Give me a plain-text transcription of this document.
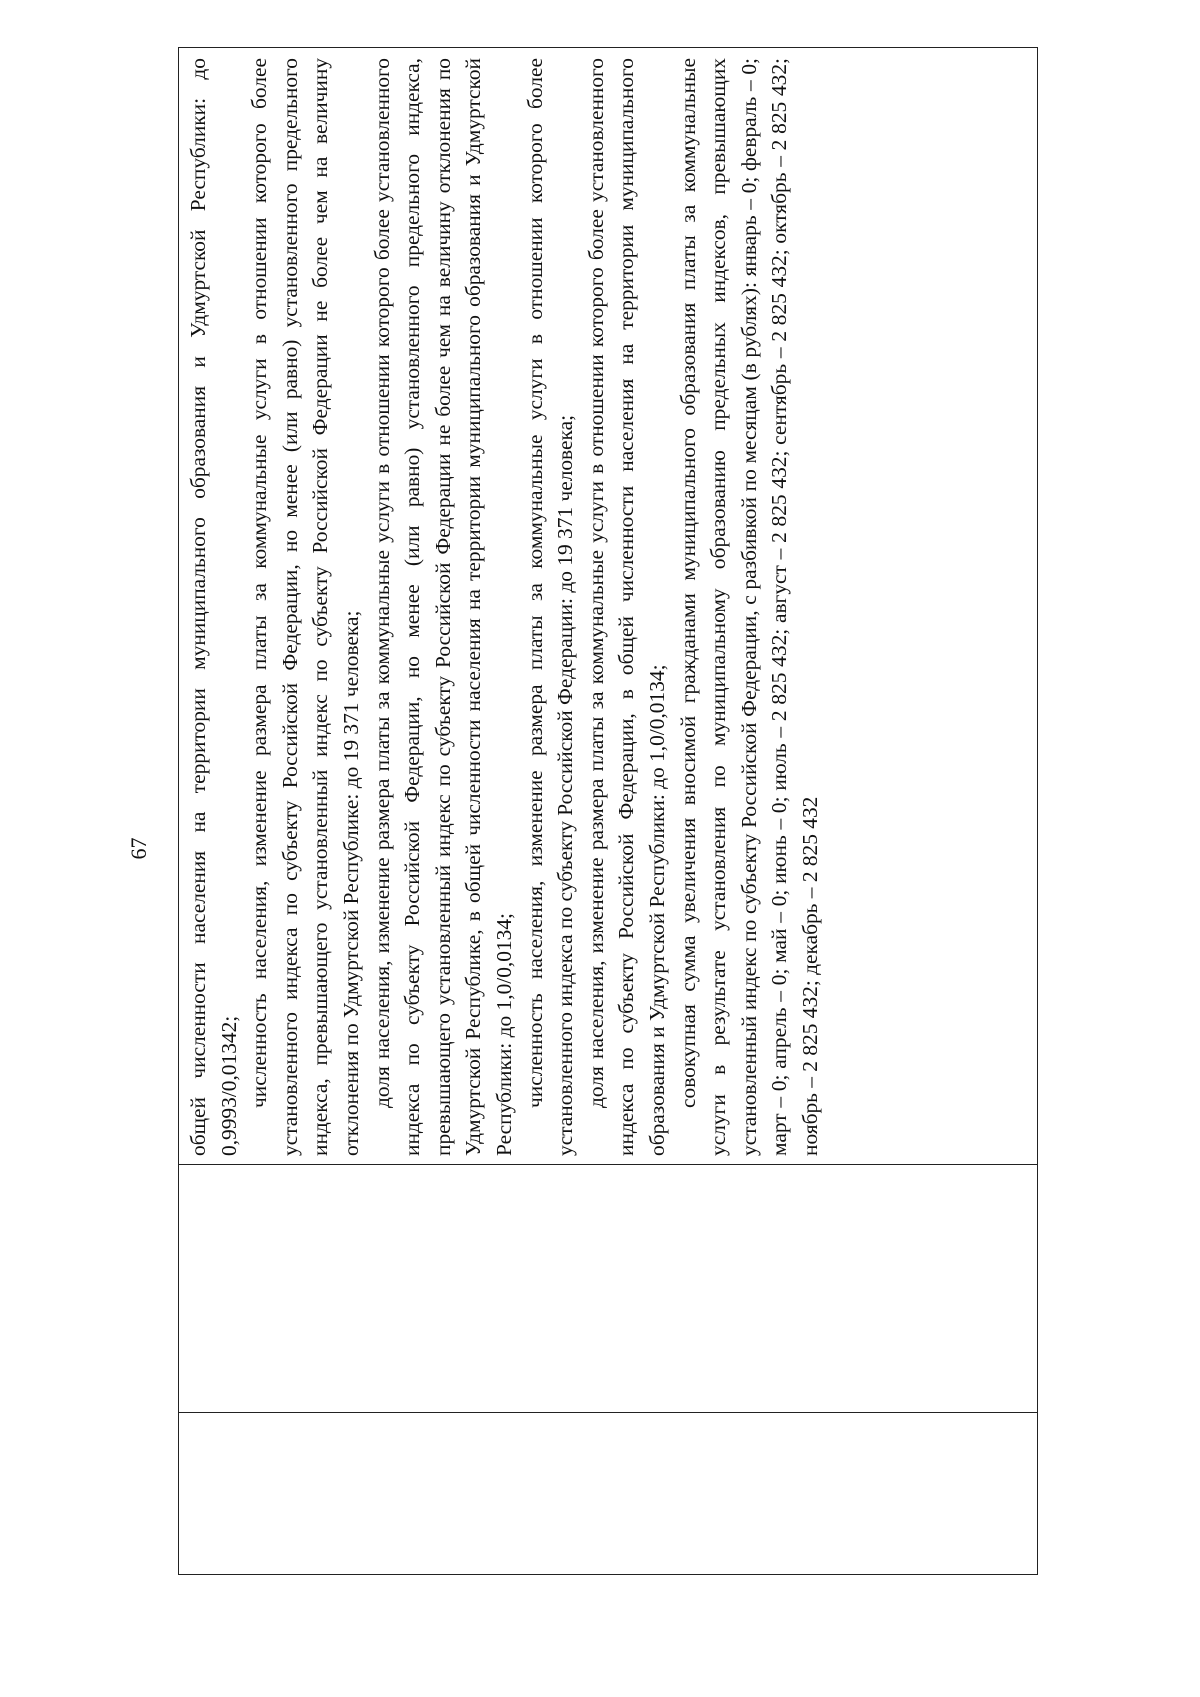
67 общей численности населения на территории муниципального образования и Удмуртской Республики: до 0,9993/0,01342; численность населения, изменение размера платы за коммунальные услуги в отношении которого более установленного индекса по субъекту Российской Федерации, но менее (или равно) установленного предельного индекса, превышающего установленный индекс по субъекту Российской Федерации не более чем на величину отклонения по Удмуртской Республике: до 19 371 человека; доля населения, изменение размера платы за коммунальные услуги в отношении которого более установленного индекса по субъекту Российской Федерации, но менее (или равно) установленного предельного индекса, превышающего установленный индекс по субъекту Российской Федерации не более чем на величину отклонения по Удмуртской Республике, в общей численности населения на территории муниципального образования и Удмуртской Республики: до 1,0/0,0134; численность населения, изменение размера платы за коммунальные услуги в отношении которого более установленного индекса по субъекту Российской Федерации: до 19 371 человека; доля населения, изменение размера платы за коммунальные услуги в отношении которого более установленного индекса по субъекту Российской Федерации, в общей численности населения на территории муниципального образования и Удмуртской Республики: до 1,0/0,0134; совокупная сумма увеличения вносимой гражданами муниципального образования платы за коммунальные услуги в результате установления по муниципальному образованию предельных индексов, превышающих установленный индекс по субъекту Российской Федерации, с разбивкой по месяцам (в рублях): январь – 0; февраль – 0; март – 0; апрель – 0; май – 0; июнь – 0; июль – 2 825 432; август – 2 825 432; сентябрь – 2 825 432; октябрь – 2 825 432; ноябрь – 2 825 432; декабрь – 2 825 432
